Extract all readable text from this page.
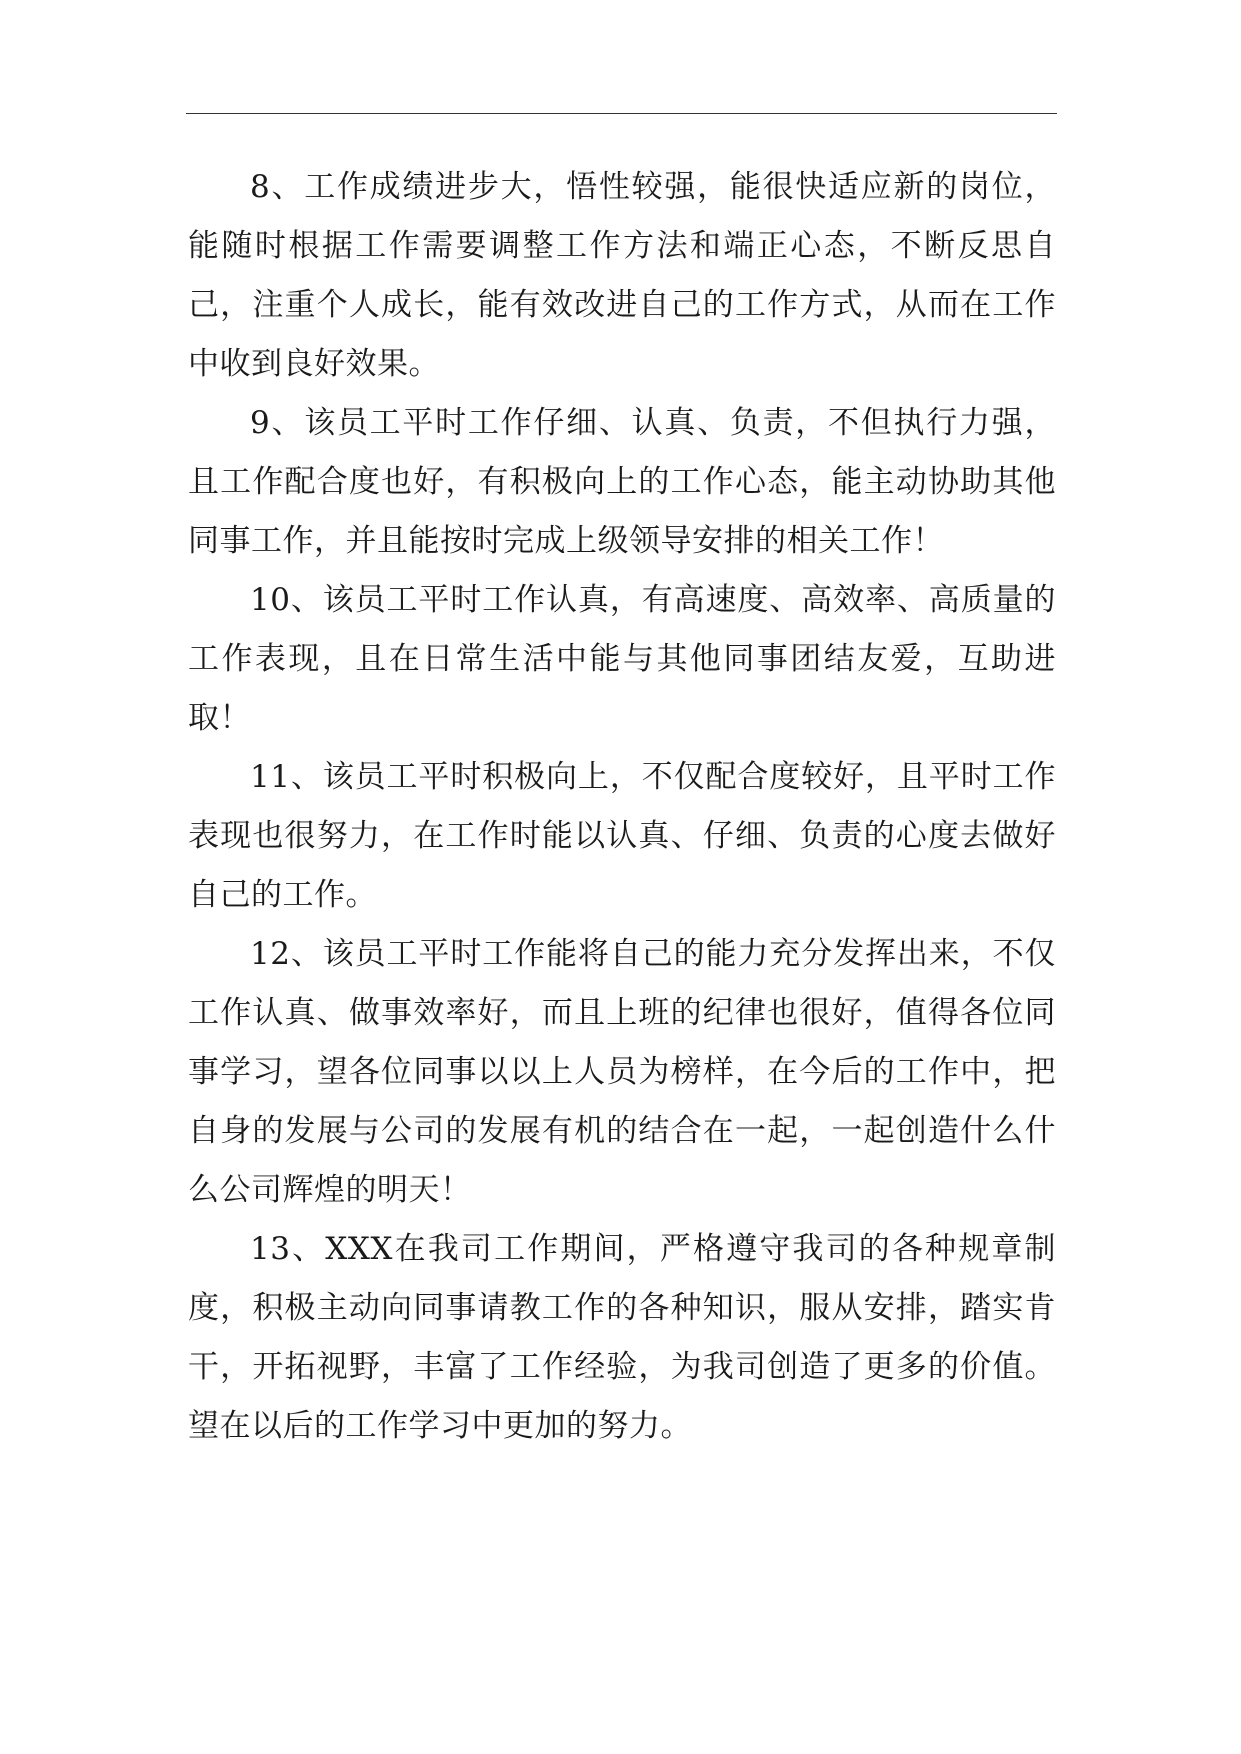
8、工作成绩进步大，悟性较强，能很快适应新的岗位，能随时根据工作需要调整工作方法和端正心态，不断反思自己，注重个人成长，能有效改进自己的工作方式，从而在工作中收到良好效果。

9、该员工平时工作仔细、认真、负责，不但执行力强，且工作配合度也好，有积极向上的工作心态，能主动协助其他同事工作，并且能按时完成上级领导安排的相关工作！

10、该员工平时工作认真，有高速度、高效率、高质量的工作表现，且在日常生活中能与其他同事团结友爱，互助进取！

11、该员工平时积极向上，不仅配合度较好，且平时工作表现也很努力，在工作时能以认真、仔细、负责的心度去做好自己的工作。

12、该员工平时工作能将自己的能力充分发挥出来，不仅工作认真、做事效率好，而且上班的纪律也很好，值得各位同事学习，望各位同事以以上人员为榜样，在今后的工作中，把自身的发展与公司的发展有机的结合在一起，一起创造什么什么公司辉煌的明天！

13、XXX在我司工作期间，严格遵守我司的各种规章制度，积极主动向同事请教工作的各种知识，服从安排，踏实肯干，开拓视野，丰富了工作经验，为我司创造了更多的价值。望在以后的工作学习中更加的努力。
